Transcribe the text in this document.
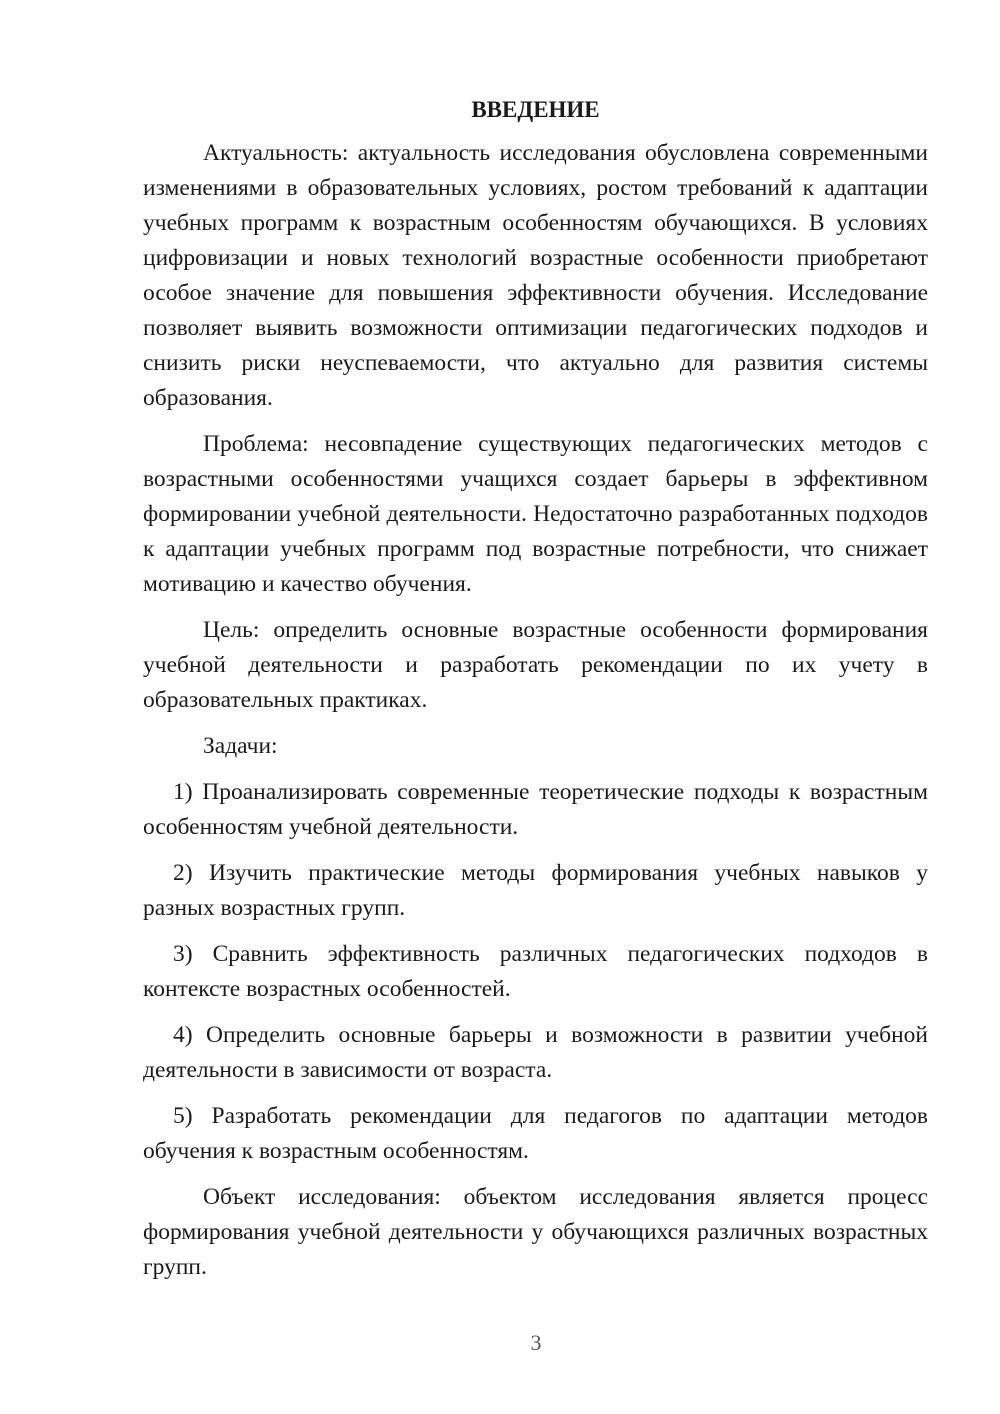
ВВЕДЕНИЕ

Актуальность: актуальность исследования обусловлена современными изменениями в образовательных условиях, ростом требований к адаптации учебных программ к возрастным особенностям обучающихся. В условиях цифровизации и новых технологий возрастные особенности приобретают особое значение для повышения эффективности обучения. Исследование позволяет выявить возможности оптимизации педагогических подходов и снизить риски неуспеваемости, что актуально для развития системы образования.

Проблема: несовпадение существующих педагогических методов с возрастными особенностями учащихся создает барьеры в эффективном формировании учебной деятельности. Недостаточно разработанных подходов к адаптации учебных программ под возрастные потребности, что снижает мотивацию и качество обучения.

Цель: определить основные возрастные особенности формирования учебной деятельности и разработать рекомендации по их учету в образовательных практиках.

Задачи:

1) Проанализировать современные теоретические подходы к возрастным особенностям учебной деятельности.

2) Изучить практические методы формирования учебных навыков у разных возрастных групп.

3) Сравнить эффективность различных педагогических подходов в контексте возрастных особенностей.

4) Определить основные барьеры и возможности в развитии учебной деятельности в зависимости от возраста.

5) Разработать рекомендации для педагогов по адаптации методов обучения к возрастным особенностям.

Объект исследования: объектом исследования является процесс формирования учебной деятельности у обучающихся различных возрастных групп.

3
